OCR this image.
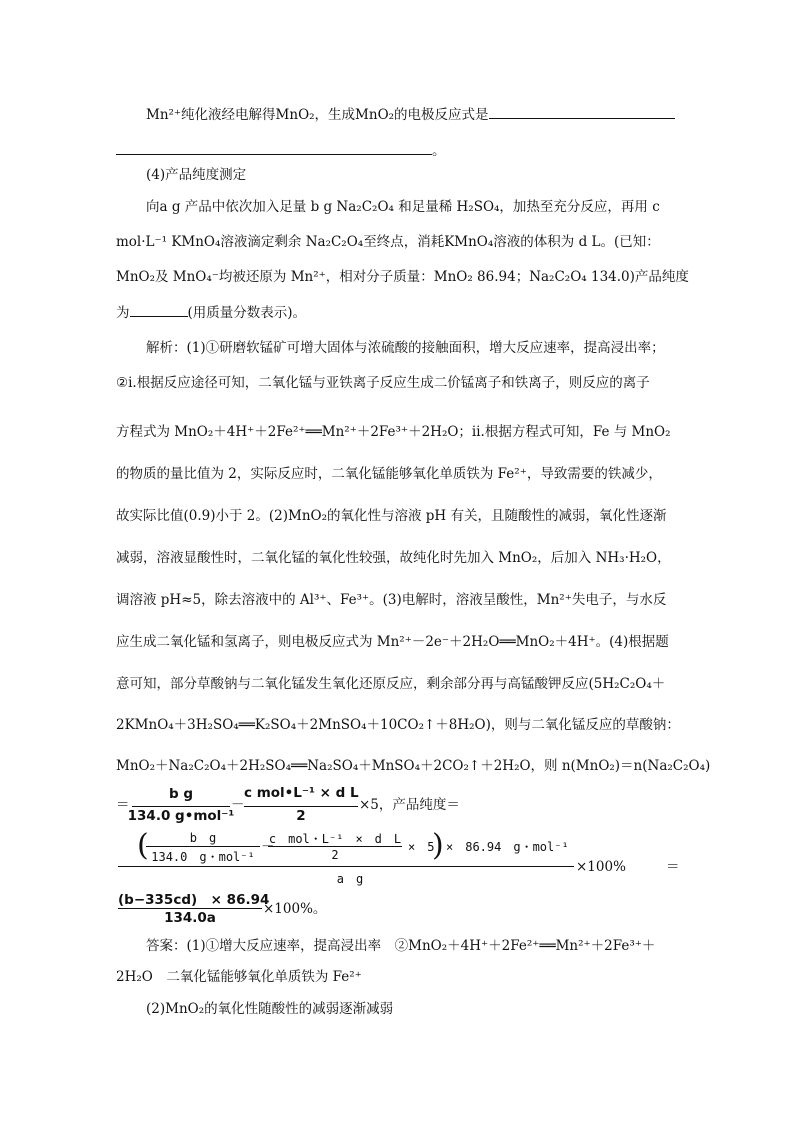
Mn²⁺纯化液经电解得MnO₂，生成MnO₂的电极反应式是
。
(4)产品纯度测定
向a g 产品中依次加入足量 b g Na₂C₂O₄ 和足量稀 H₂SO₄，加热至充分反应，再用 c
mol·L⁻¹ KMnO₄溶液滴定剩余 Na₂C₂O₄至终点，消耗KMnO₄溶液的体积为 d L。(已知：
MnO₂及 MnO₄⁻均被还原为 Mn²⁺，相对分子质量：MnO₂ 86.94；Na₂C₂O₄ 134.0)产品纯度
为	(用质量分数表示)。
解析：(1)①研磨软锰矿可增大固体与浓硫酸的接触面积，增大反应速率，提高浸出率；
②ⅰ.根据反应途径可知，二氧化锰与亚铁离子反应生成二价锰离子和铁离子，则反应的离子
方程式为 MnO₂＋4H⁺＋2Fe²⁺══Mn²⁺＋2Fe³⁺＋2H₂O；ⅱ.根据方程式可知，Fe 与 MnO₂
的物质的量比值为 2，实际反应时，二氧化锰能够氧化单质铁为 Fe²⁺，导致需要的铁减少，
故实际比值(0.9)小于 2。(2)MnO₂的氧化性与溶液 pH 有关，且随酸性的减弱，氧化性逐渐
减弱，溶液显酸性时，二氧化锰的氧化性较强，故纯化时先加入 MnO₂，后加入 NH₃·H₂O，
调溶液 pH≈5，除去溶液中的 Al³⁺、Fe³⁺。(3)电解时，溶液呈酸性，Mn²⁺失电子，与水反
应生成二氧化锰和氢离子，则电极反应式为 Mn²⁺－2e⁻＋2H₂O══MnO₂＋4H⁺。(4)根据题
意可知，部分草酸钠与二氧化锰发生氧化还原反应，剩余部分再与高锰酸钾反应(5H₂C₂O₄＋
2KMnO₄＋3H₂SO₄══K₂SO₄＋2MnSO₄＋10CO₂↑＋8H₂O)，则与二氧化锰反应的草酸钠：
MnO₂＋Na₂C₂O₄＋2H₂SO₄══Na₂SO₄＋MnSO₄＋2CO₂↑＋2H₂O，则 n(MnO₂)＝n(Na₂C₂O₄)
＝
b g
134.0 g•mol⁻¹
－
c mol•L⁻¹ × d L
2
×5，产品纯度＝
(	b　g
134.0　g・mol⁻¹
－
c　mol・L⁻¹　×　d　L
2
×　5
) ×　86.94　g・mol⁻¹
a　g
×100%	＝
(b−335cd)　× 86.94
134.0a
×100%。
答案：(1)①增大反应速率，提高浸出率　②MnO₂＋4H⁺＋2Fe²⁺══Mn²⁺＋2Fe³⁺＋
2H₂O　二氧化锰能够氧化单质铁为 Fe²⁺
(2)MnO₂的氧化性随酸性的减弱逐渐减弱
